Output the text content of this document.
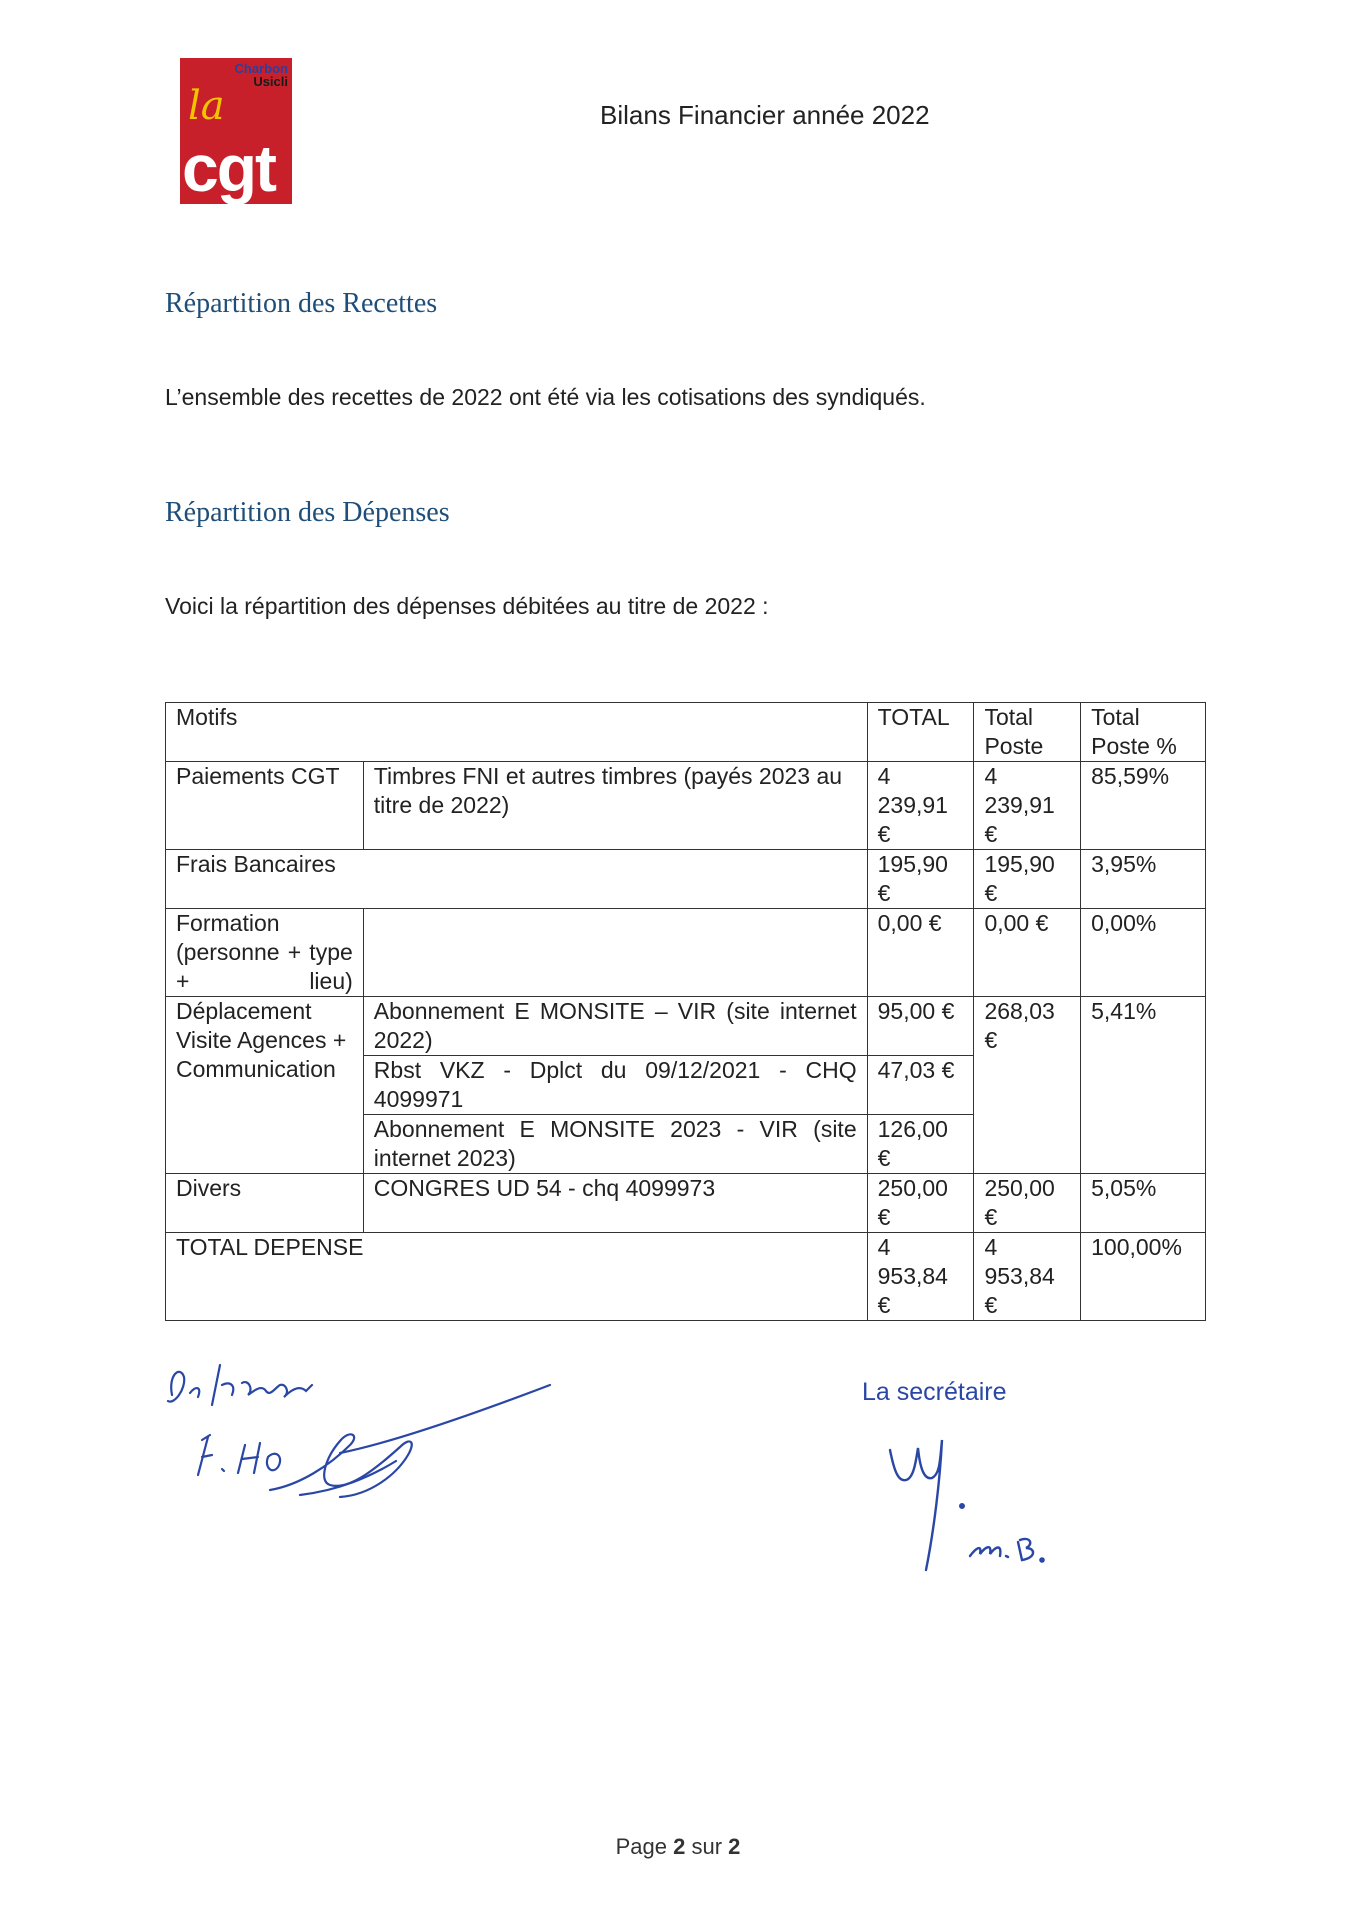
Charbon
Usicli
la
cgt
Bilans Financier année 2022
Répartition des Recettes
L’ensemble des recettes de 2022 ont été via les cotisations des syndiqués.
Répartition des Dépenses
Voici la répartition des dépenses débitées au titre de 2022 :
Motifs		TOTAL	Total Poste	Total Poste %
Paiements CGT	Timbres FNI et autres timbres (payés 2023 au titre de 2022)	4 239,91 €	4 239,91 €	85,59%
Frais Bancaires		195,90 €	195,90 €	3,95%
Formation (personne + type + lieu)		0,00 €	0,00 €	0,00%
Déplacement Visite Agences + Communication	Abonnement E MONSITE – VIR (site internet 2022)	95,00 €	268,03 €	5,41%
	Rbst VKZ - Dplct du 09/12/2021 - CHQ 4099971	47,03 €		
	Abonnement E MONSITE 2023 - VIR (site internet 2023)	126,00 €		
Divers	CONGRES UD 54 - chq 4099973	250,00 €	250,00 €	5,05%
TOTAL DEPENSE		4 953,84 €	4 953,84 €	100,00%
La secrétaire
Page 2 sur 2
